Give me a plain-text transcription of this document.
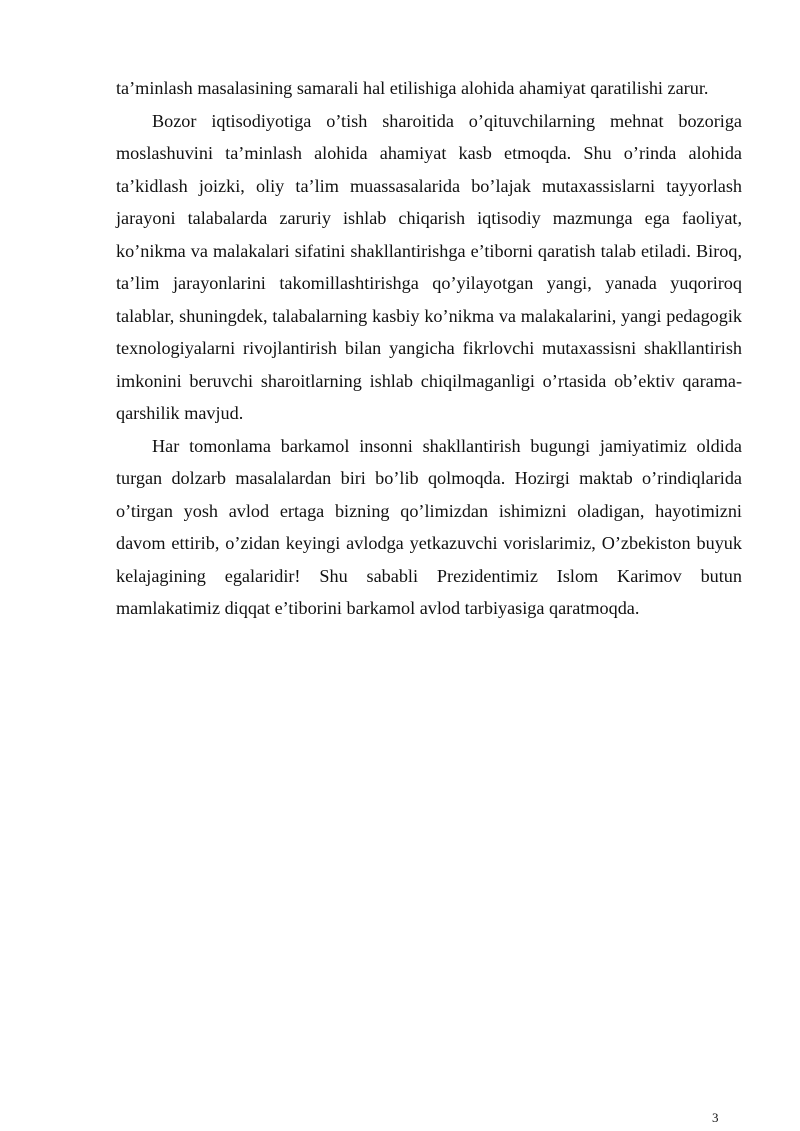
ta’minlash masalasining samarali hal etilishiga alohida ahamiyat qaratilishi zarur.

Bozor iqtisodiyotiga o’tish sharoitida o’qituvchilarning mehnat bozoriga moslashuvini ta’minlash alohida ahamiyat kasb etmoqda. Shu o’rinda alohida ta’kidlash joizki, oliy ta’lim muassasalarida bo’lajak mutaxassislarni tayyorlash jarayoni talabalarda zaruriy ishlab chiqarish iqtisodiy mazmunga ega faoliyat, ko’nikma va malakalari sifatini shakllantirishga e’tiborni qaratish talab etiladi. Biroq, ta’lim jarayonlarini takomillashtirishga qo’yilayotgan yangi, yanada yuqoriroq talablar, shuningdek, talabalarning kasbiy ko’nikma va malakalarini, yangi pedagogik texnologiyalarni rivojlantirish bilan yangicha fikrlovchi mutaxassisni shakllantirish imkonini beruvchi sharoitlarning ishlab chiqilmaganligi o’rtasida ob’ektiv qarama- qarshilik mavjud.

Har tomonlama barkamol insonni shakllantirish bugungi jamiyatimiz oldida turgan dolzarb masalalardan biri bo’lib qolmoqda. Hozirgi maktab o’rindiqlarida o’tirgan yosh avlod ertaga bizning qo’limizdan ishimizni oladigan, hayotimizni davom ettirib, o’zidan keyingi avlodga yetkazuvchi vorislarimiz, O’zbekiston buyuk kelajagining egalaridir! Shu sababli Prezidentimiz Islom Karimov butun mamlakatimiz diqqat e’tiborini barkamol avlod tarbiyasiga qaratmoqda.

3
